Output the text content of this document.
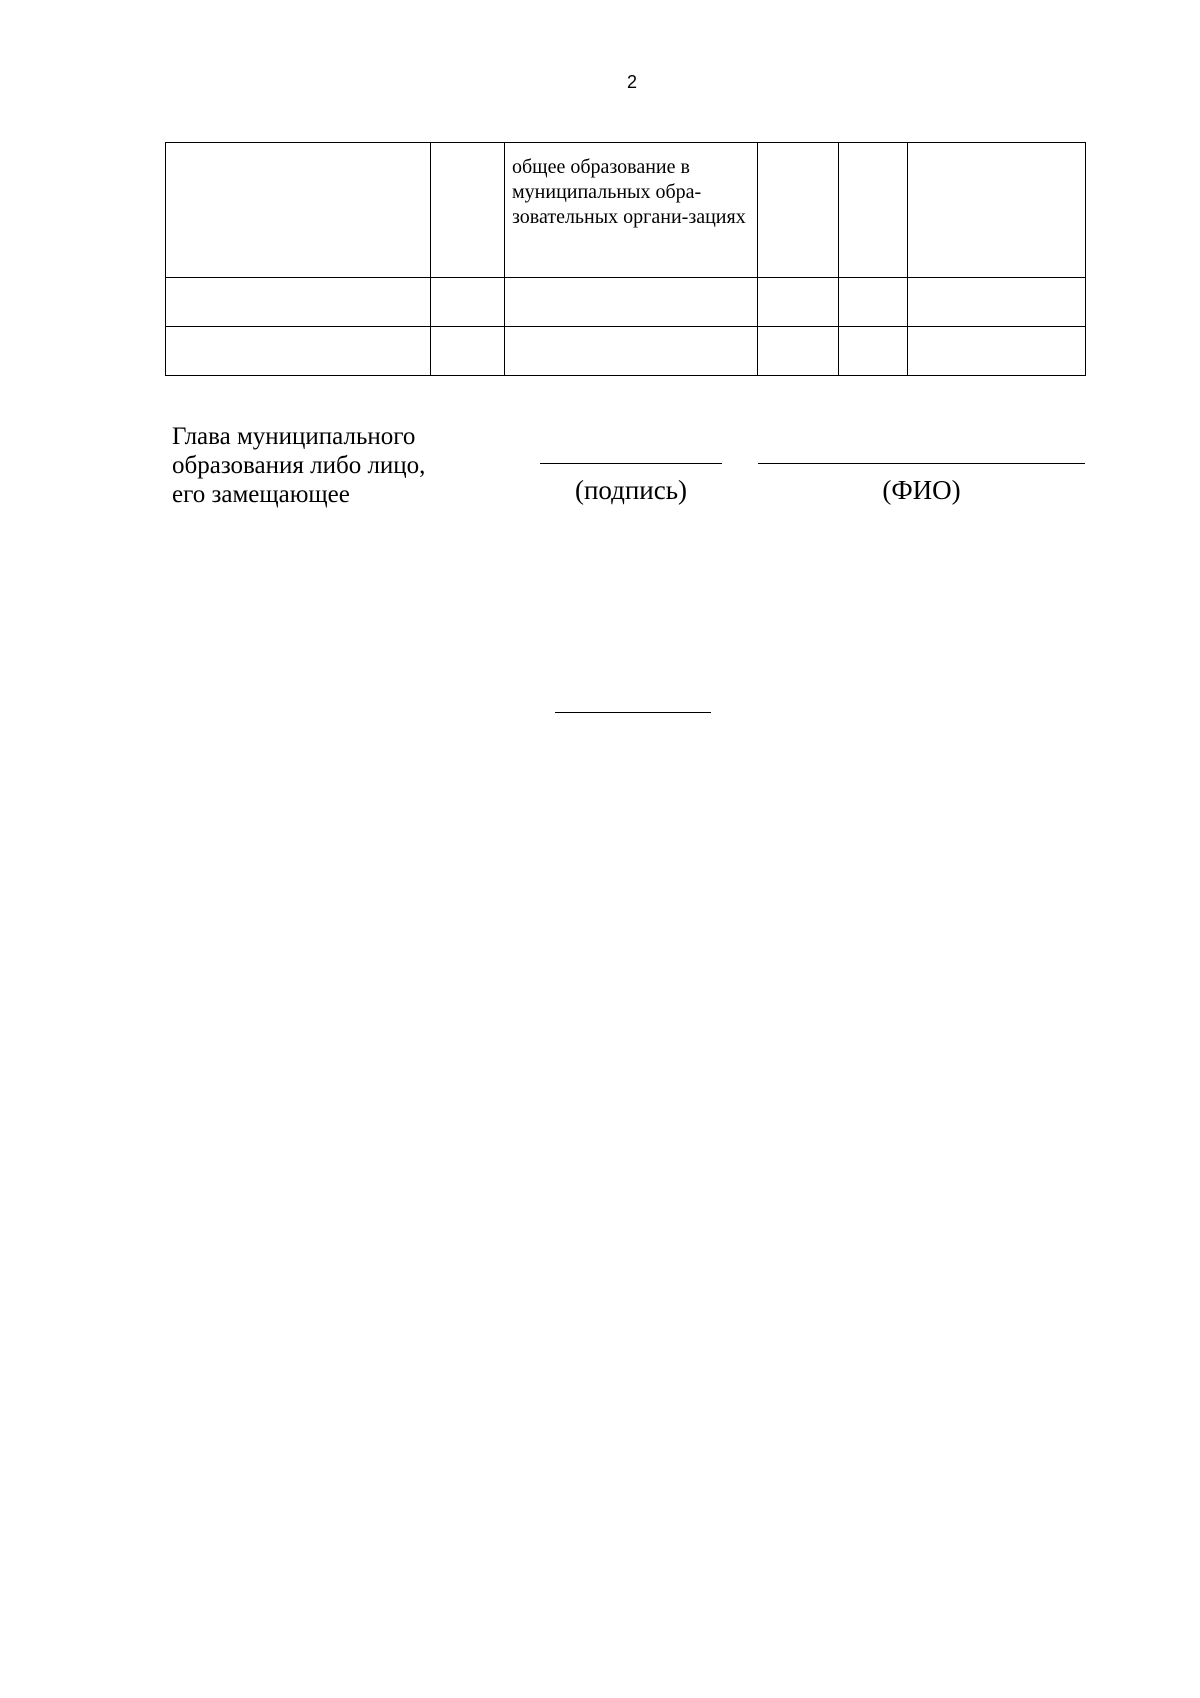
2

		общее образование в муниципальных обра-зовательных органи-зациях			

Глава муниципального
образования либо лицо,
его замещающее	(подпись)	(ФИО)
